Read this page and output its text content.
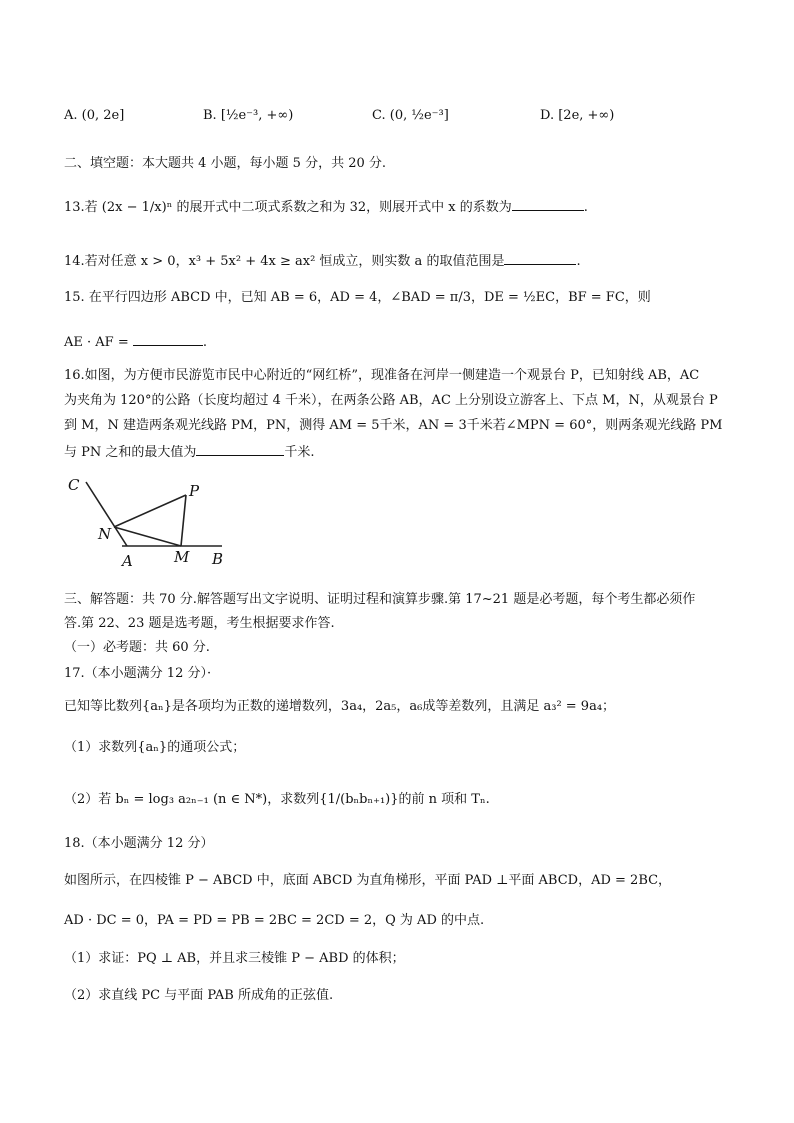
A. (0, 2e]	B. [½e⁻³, +∞)	C. (0, ½e⁻³]	D. [2e, +∞)
二、填空题：本大题共 4 小题，每小题 5 分，共 20 分.
13.若 (2x − 1/x)ⁿ 的展开式中二项式系数之和为 32，则展开式中 x 的系数为	.
14.若对任意 x > 0，x³ + 5x² + 4x ≥ ax² 恒成立，则实数 a 的取值范围是	.
15. 在平行四边形 ABCD 中，已知 AB = 6，AD = 4，∠BAD = π/3，DE = ½EC，BF = FC，则
AE · AF =	.
16.如图，为方便市民游览市民中心附近的“网红桥”，现准备在河岸一侧建造一个观景台 P，已知射线 AB，AC
为夹角为 120°的公路（长度均超过 4 千米），在两条公路 AB，AC 上分别设立游客上、下点 M，N，从观景台 P
到 M，N 建造两条观光线路 PM，PN，测得 AM = 5千米，AN = 3千米若∠MPN = 60°，则两条观光线路 PM
与 PN 之和的最大值为	千米.
C	P
N
A	M B
三、解答题：共 70 分.解答题写出文字说明、证明过程和演算步骤.第 17~21 题是必考题，每个考生都必须作
答.第 22、23 题是选考题，考生根据要求作答.
（一）必考题：共 60 分.
17.（本小题满分 12 分）·
已知等比数列{aₙ}是各项均为正数的递增数列，3a₄，2a₅，a₆成等差数列，且满足 a₃² = 9a₄；
（1）求数列{aₙ}的通项公式；
（2）若 bₙ = log₃ a₂ₙ₋₁ (n ∈ N*)，求数列{1/(bₙbₙ₊₁)}的前 n 项和 Tₙ.
18.（本小题满分 12 分）
如图所示，在四棱锥 P − ABCD 中，底面 ABCD 为直角梯形，平面 PAD ⊥平面 ABCD，AD = 2BC，
AD · DC = 0，PA = PD = PB = 2BC = 2CD = 2，Q 为 AD 的中点.
（1）求证：PQ ⊥ AB，并且求三棱锥 P − ABD 的体积；
（2）求直线 PC 与平面 PAB 所成角的正弦值.
